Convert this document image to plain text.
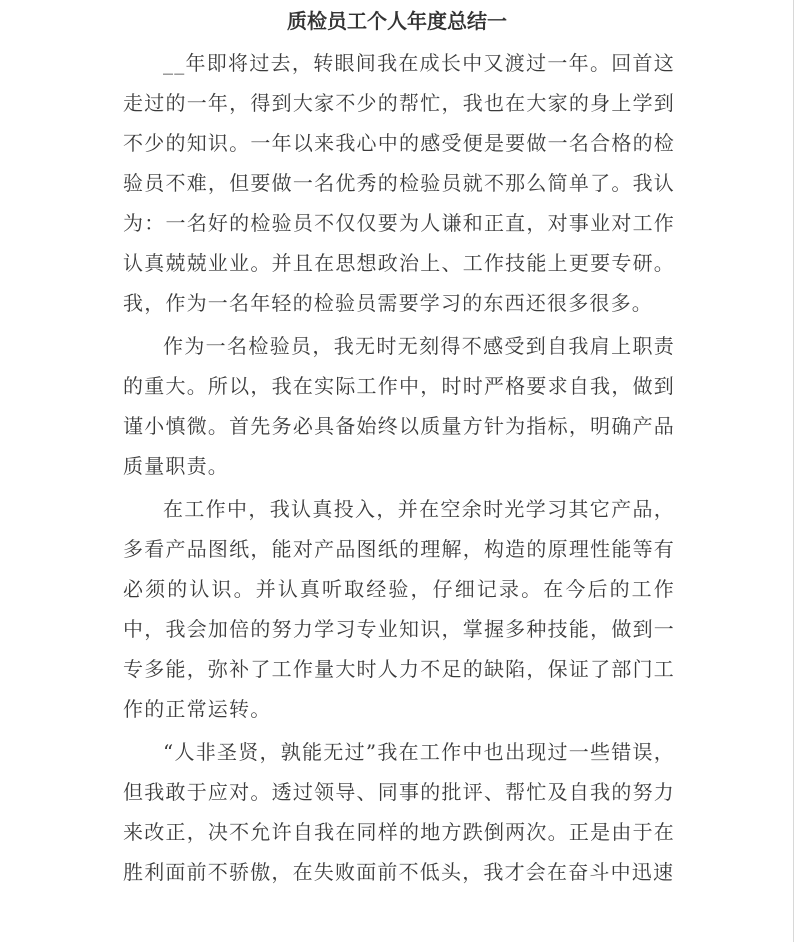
质检员工个人年度总结一

__年即将过去，转眼间我在成长中又渡过一年。回首这走过的一年，得到大家不少的帮忙，我也在大家的身上学到不少的知识。一年以来我心中的感受便是要做一名合格的检验员不难，但要做一名优秀的检验员就不那么简单了。我认为：一名好的检验员不仅仅要为人谦和正直，对事业对工作认真兢兢业业。并且在思想政治上、工作技能上更要专研。我，作为一名年轻的检验员需要学习的东西还很多很多。

作为一名检验员，我无时无刻得不感受到自我肩上职责的重大。所以，我在实际工作中，时时严格要求自我，做到谨小慎微。首先务必具备始终以质量方针为指标，明确产品质量职责。

在工作中，我认真投入，并在空余时光学习其它产品，多看产品图纸，能对产品图纸的理解，构造的原理性能等有必须的认识。并认真听取经验，仔细记录。在今后的工作中，我会加倍的努力学习专业知识，掌握多种技能，做到一专多能，弥补了工作量大时人力不足的缺陷，保证了部门工作的正常运转。

“人非圣贤，孰能无过”我在工作中也出现过一些错误，但我敢于应对。透过领导、同事的批评、帮忙及自我的努力来改正，决不允许自我在同样的地方跌倒两次。正是由于在胜利面前不骄傲，在失败面前不低头，我才会在奋斗中迅速
